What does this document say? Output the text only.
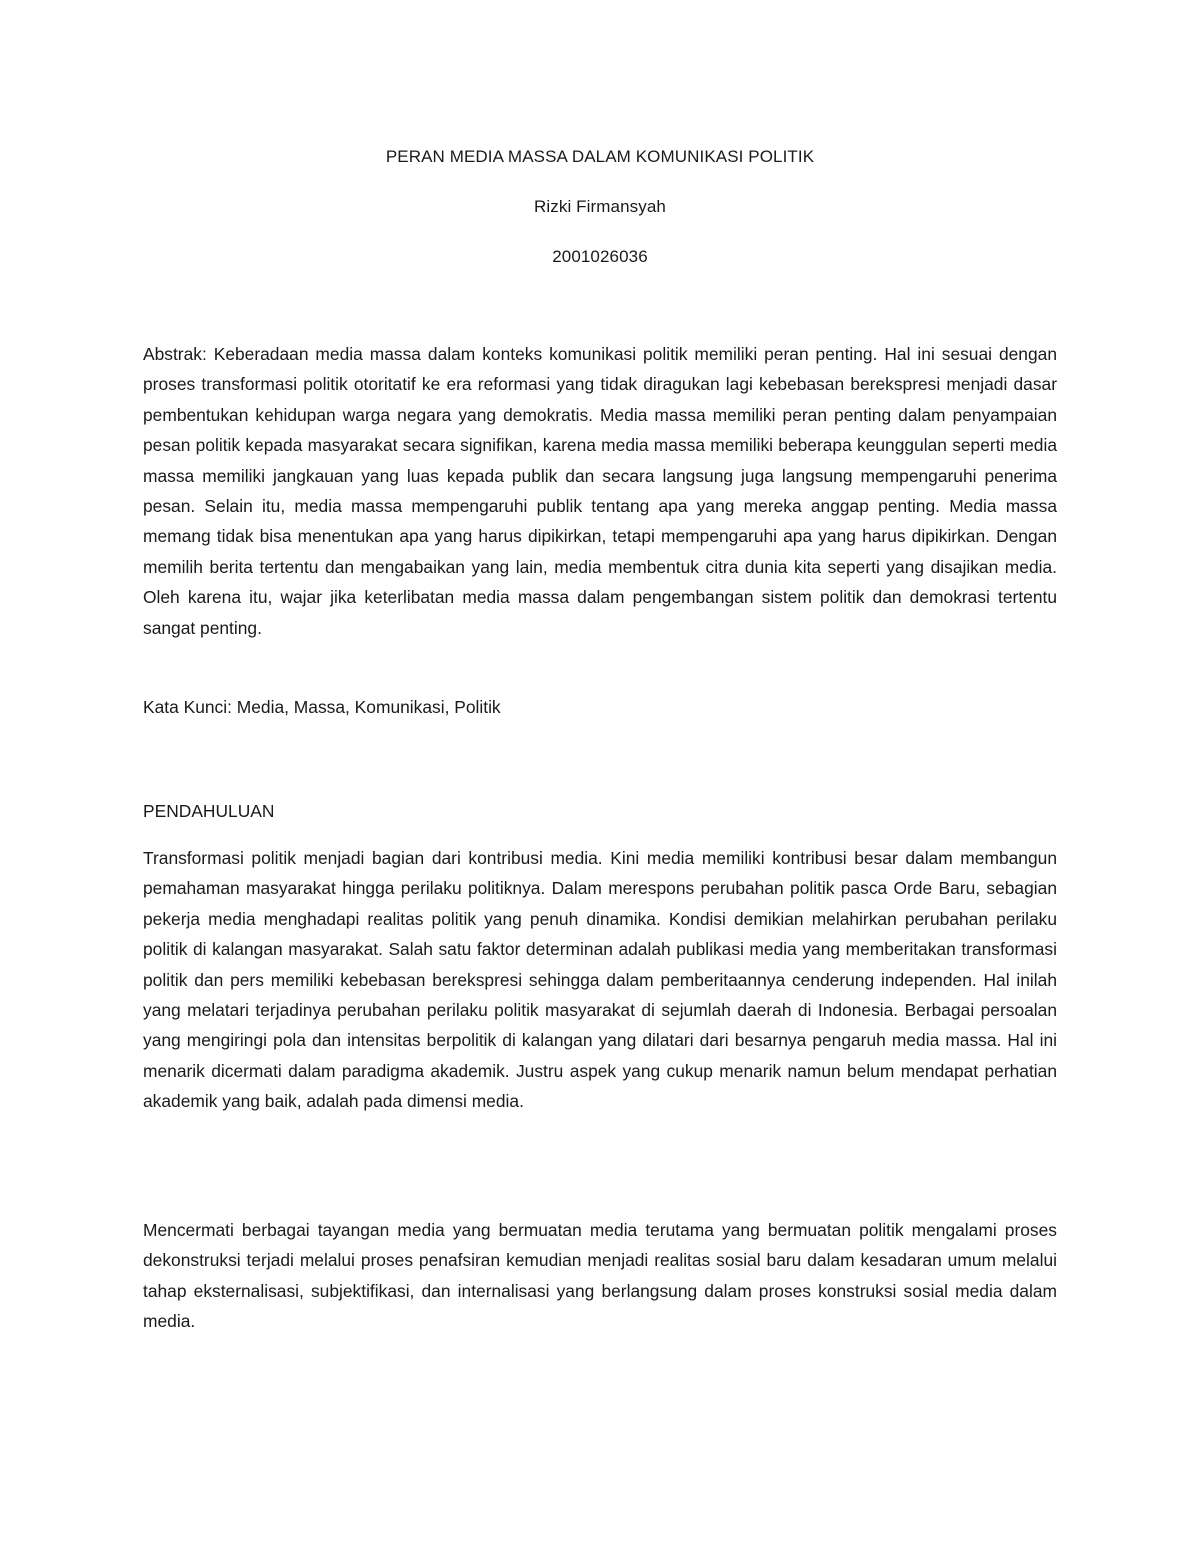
PERAN MEDIA MASSA DALAM KOMUNIKASI POLITIK

Rizki Firmansyah

2001026036

Abstrak: Keberadaan media massa dalam konteks komunikasi politik memiliki peran penting. Hal ini sesuai dengan proses transformasi politik otoritatif ke era reformasi yang tidak diragukan lagi kebebasan berekspresi menjadi dasar pembentukan kehidupan warga negara yang demokratis. Media massa memiliki peran penting dalam penyampaian pesan politik kepada masyarakat secara signifikan, karena media massa memiliki beberapa keunggulan seperti media massa memiliki jangkauan yang luas kepada publik dan secara langsung juga langsung mempengaruhi penerima pesan. Selain itu, media massa mempengaruhi publik tentang apa yang mereka anggap penting. Media massa memang tidak bisa menentukan apa yang harus dipikirkan, tetapi mempengaruhi apa yang harus dipikirkan. Dengan memilih berita tertentu dan mengabaikan yang lain, media membentuk citra dunia kita seperti yang disajikan media. Oleh karena itu, wajar jika keterlibatan media massa dalam pengembangan sistem politik dan demokrasi tertentu sangat penting.

Kata Kunci: Media, Massa, Komunikasi, Politik

PENDAHULUAN

Transformasi politik menjadi bagian dari kontribusi media. Kini media memiliki kontribusi besar dalam membangun pemahaman masyarakat hingga perilaku politiknya. Dalam merespons perubahan politik pasca Orde Baru, sebagian pekerja media menghadapi realitas politik yang penuh dinamika. Kondisi demikian melahirkan perubahan perilaku politik di kalangan masyarakat. Salah satu faktor determinan adalah publikasi media yang memberitakan transformasi politik dan pers memiliki kebebasan berekspresi sehingga dalam pemberitaannya cenderung independen. Hal inilah yang melatari terjadinya perubahan perilaku politik masyarakat di sejumlah daerah di Indonesia. Berbagai persoalan yang mengiringi pola dan intensitas berpolitik di kalangan yang dilatari dari besarnya pengaruh media massa. Hal ini menarik dicermati dalam paradigma akademik. Justru aspek yang cukup menarik namun belum mendapat perhatian akademik yang baik, adalah pada dimensi media.

Mencermati berbagai tayangan media yang bermuatan media terutama yang bermuatan politik mengalami proses dekonstruksi terjadi melalui proses penafsiran kemudian menjadi realitas sosial baru dalam kesadaran umum melalui tahap eksternalisasi, subjektifikasi, dan internalisasi yang berlangsung dalam proses konstruksi sosial media dalam media.
